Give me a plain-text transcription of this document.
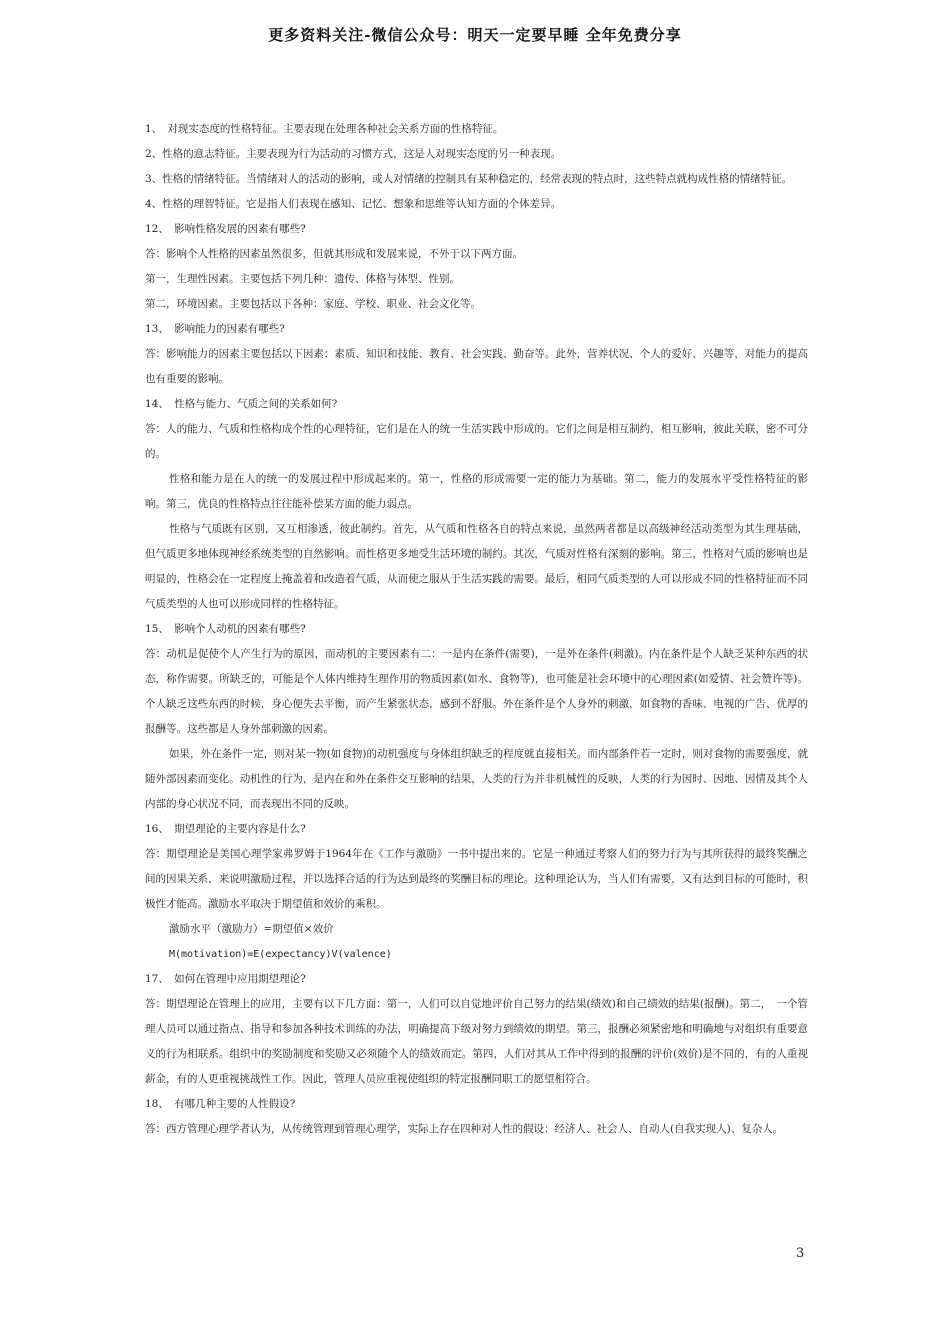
更多资料关注-微信公众号：明天一定要早睡 全年免费分享

1、　对现实态度的性格特征。主要表现在处理各种社会关系方面的性格特征。

2、性格的意志特征。主要表现为行为活动的习惯方式，这是人对现实态度的另一种表现。

3、性格的情绪特征。当情绪对人的活动的影响，或人对情绪的控制具有某种稳定的，经常表现的特点时，这些特点就构成性格的情绪特征。

4、性格的理智特征。它是指人们表现在感知、记忆、想象和思维等认知方面的个体差异。

12、　影响性格发展的因素有哪些?

答：影响个人性格的因素虽然很多，但就其形成和发展来说，不外于以下两方面。

第一，生理性因素。主要包括下列几种：遗传、体格与体型、性别。

第二，环境因素。主要包括以下各种：家庭、学校、职业、社会文化等。

13、　影响能力的因素有哪些?

答：影响能力的因素主要包括以下因素：素质、知识和技能、教育、社会实践、勤奋等。此外，营养状况、个人的爱好、兴趣等，对能力的提高也有重要的影响。

14、　性格与能力、气质之间的关系如何?

答：人的能力、气质和性格构成个性的心理特征，它们是在人的统一生活实践中形成的。它们之间是相互制约，相互影响，彼此关联，密不可分的。

性格和能力是在人的统一的发展过程中形成起来的。第一，性格的形成需要一定的能力为基础。第二，能力的发展水平受性格特征的影响。第三，优良的性格特点往往能补偿某方面的能力弱点。

性格与气质既有区别，又互相渗透，彼此制约。首先，从气质和性格各自的特点来说，虽然两者都是以高级神经活动类型为其生理基础，但气质更多地体现神经系统类型的自然影响。而性格更多地受生活环境的制约。其次，气质对性格有深刻的影响。第三，性格对气质的影响也是明显的，性格会在一定程度上掩盖着和改造着气质，从而使之服从于生活实践的需要。最后，相同气质类型的人可以形成不同的性格特征而不同气质类型的人也可以形成同样的性格特征。

15、　影响个人动机的因素有哪些?

答：动机是促使个人产生行为的原因，而动机的主要因素有二：一是内在条件(需要)，一是外在条件(刺激)。内在条件是个人缺乏某种东西的状态，称作需要。所缺乏的，可能是个人体内维持生理作用的物质因素(如水、食物等)，也可能是社会环境中的心理因素(如爱情、社会赞许等)。个人缺乏这些东西的时候，身心便失去平衡，而产生紧张状态，感到不舒服。外在条件是个人身外的刺激，如食物的香味、电视的广告、优厚的报酬等。这些都是人身外部刺激的因素。

如果，外在条件一定，则对某一物(如食物)的动机强度与身体组织缺乏的程度就直接相关。而内部条件若一定时，则对食物的需要强度，就随外部因素而变化。动机性的行为，是内在和外在条件交互影响的结果，人类的行为并非机械性的反映，人类的行为因时、因地、因情及其个人内部的身心状况不同，而表现出不同的反映。

16、　期望理论的主要内容是什么?

答：期望理论是美国心理学家弗罗姆于1964年在《工作与激励》一书中提出来的。它是一种通过考察人们的努力行为与其所获得的最终奖酬之间的因果关系，来说明激励过程，并以选择合适的行为达到最终的奖酬目标的理论。这种理论认为，当人们有需要，又有达到目标的可能时，积极性才能高。激励水平取决于期望值和效价的乘积。

激励水平（激励力）=期望值×效价

M(motivation)=E(expectancy)V(valence)

17、　如何在管理中应用期望理论?

答：期望理论在管理上的应用，主要有以下几方面：第一，人们可以自觉地评价自己努力的结果(绩效)和自己绩效的结果(报酬)。第二，　一个管理人员可以通过指点、指导和参加各种技术训练的办法，明确提高下级对努力到绩效的期望。第三，报酬必须紧密地和明确地与对组织有重要意义的行为相联系。组织中的奖励制度和奖励又必须随个人的绩效而定。第四，人们对其从工作中得到的报酬的评价(效价)是不同的，有的人重视薪金，有的人更重视挑战性工作。因此，管理人员应重视使组织的特定报酬同职工的愿望相符合。

18、　有哪几种主要的人性假设?

答：西方管理心理学者认为，从传统管理到管理心理学，实际上存在四种对人性的假设：经济人、社会人、自动人(自我实现人)、复杂人。

3
